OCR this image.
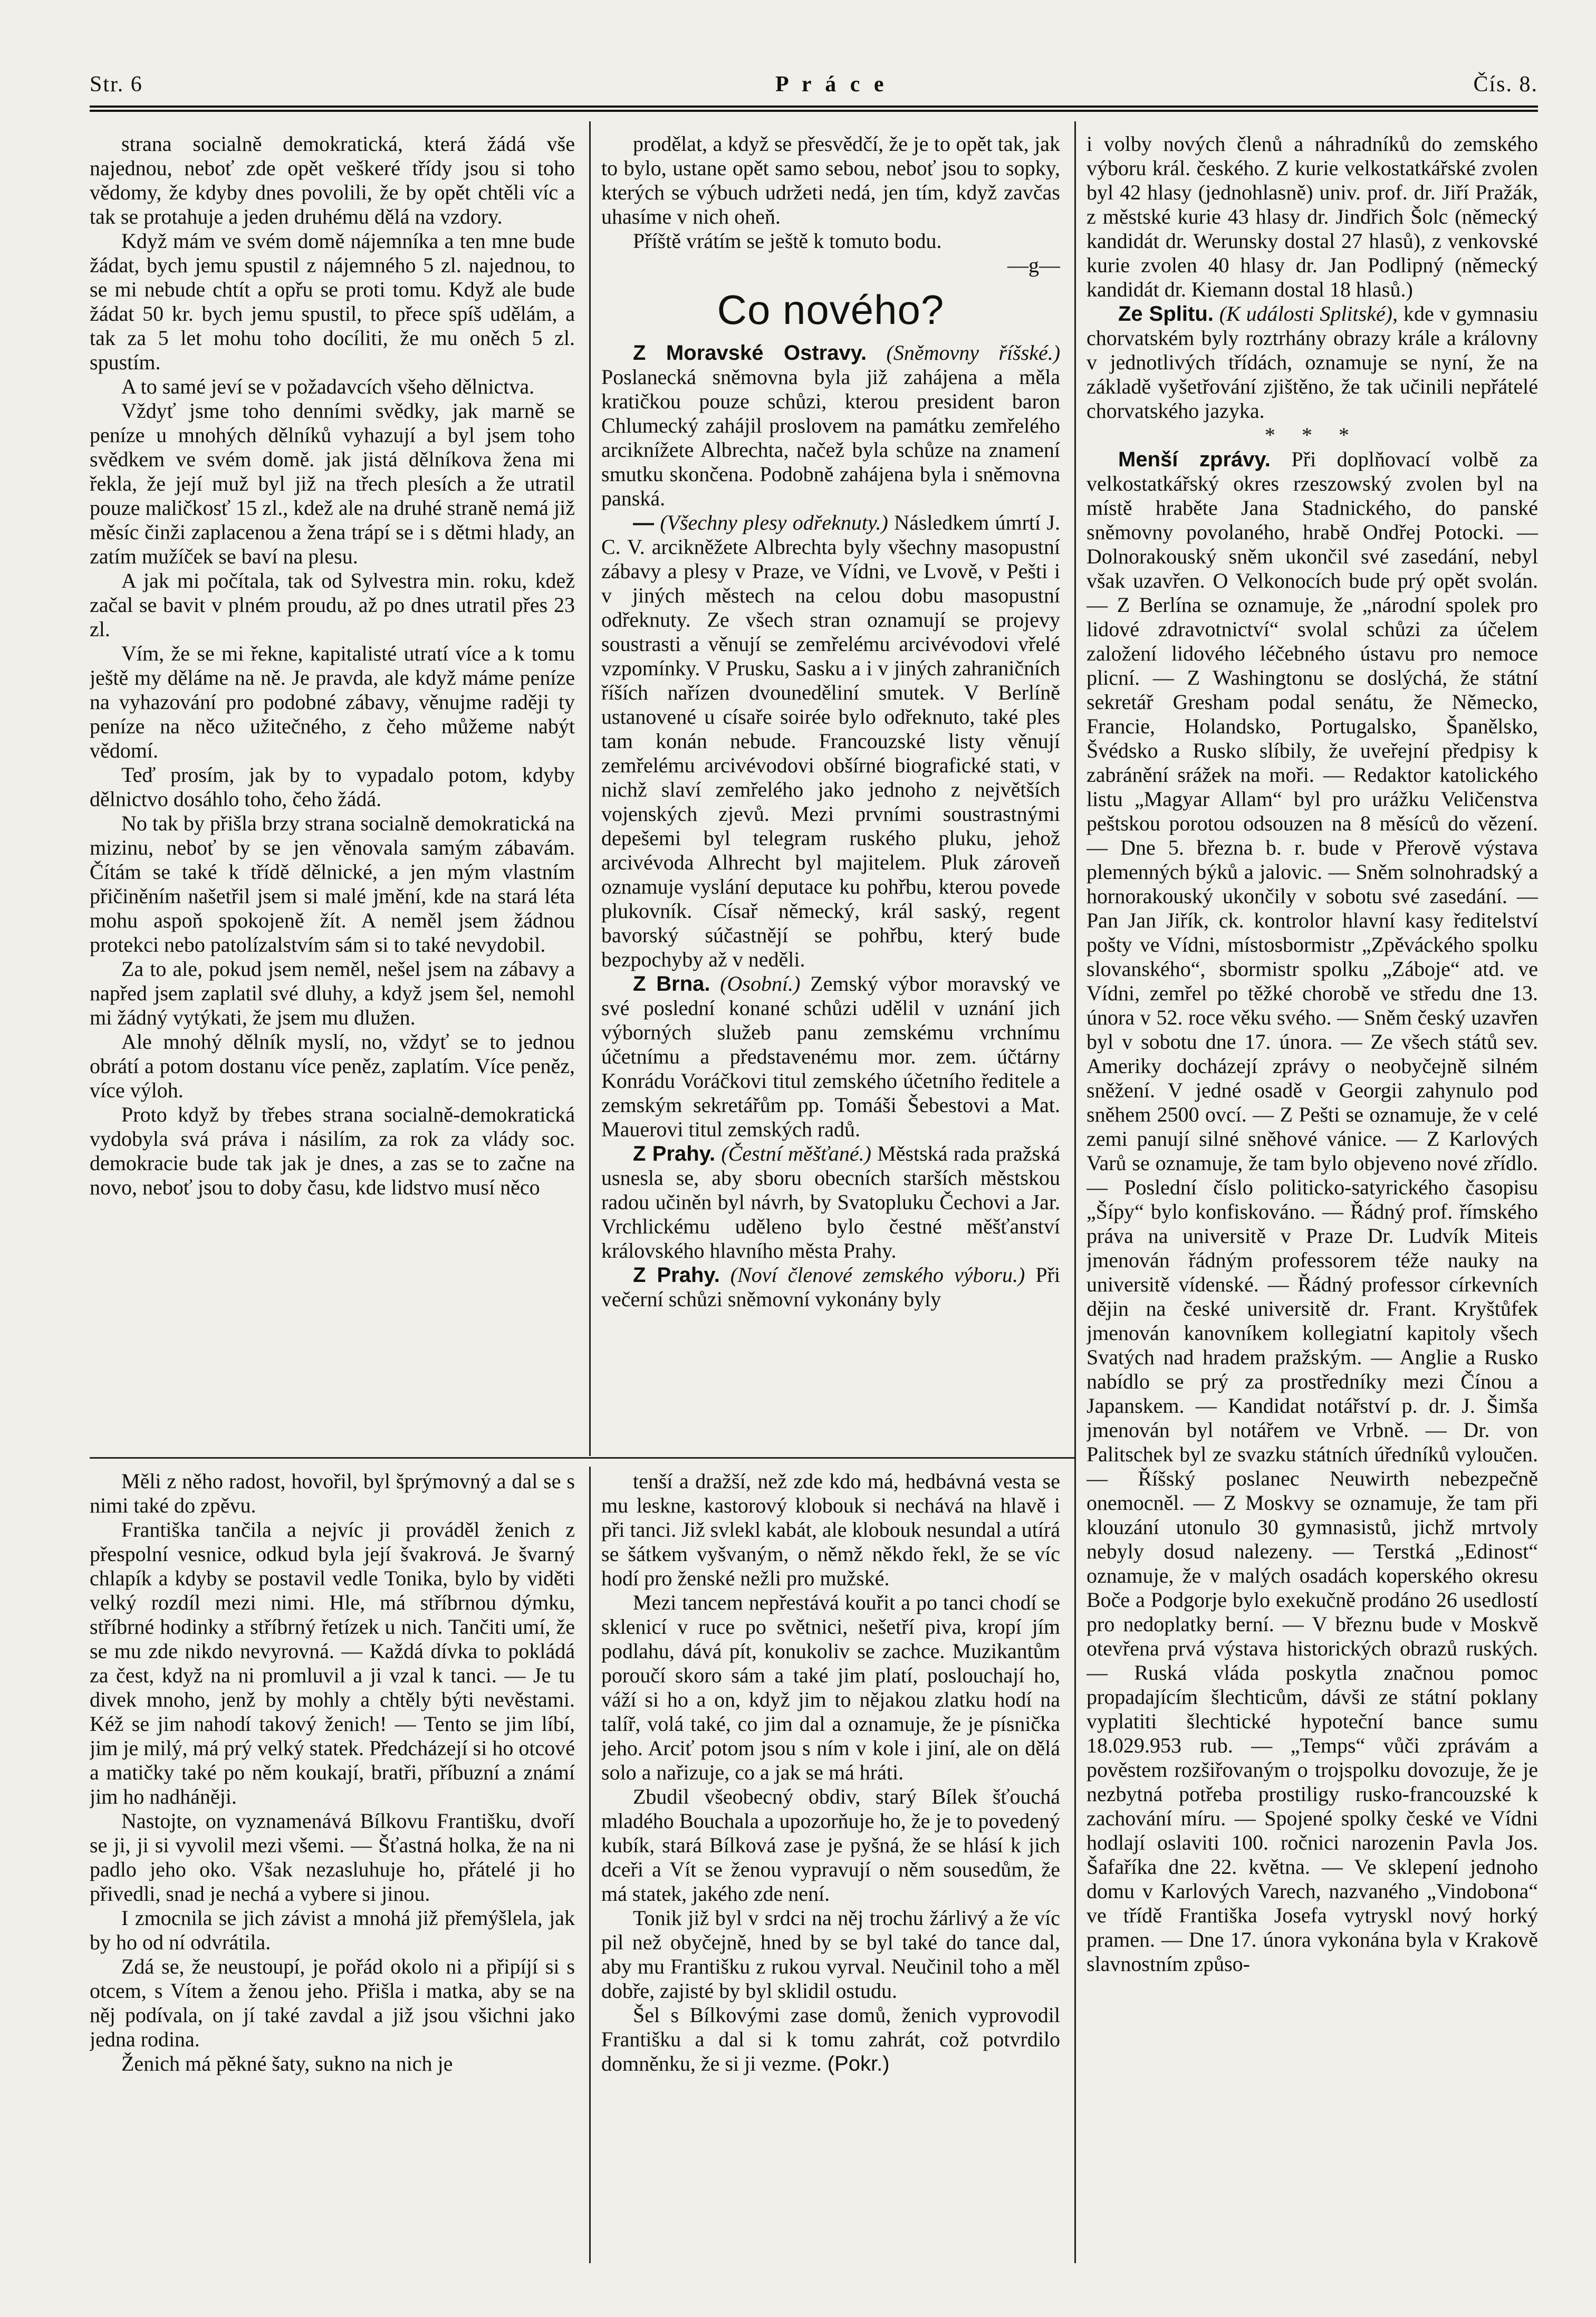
Str. 6	P r á c e	Čís. 8.

strana socialně demokratická, která žádá vše najednou, neboť zde opět veškeré třídy jsou si toho vědomy, že kdyby dnes povolili, že by opět chtěli víc a tak se protahuje a jeden druhému dělá na vzdory.

Když mám ve svém domě nájemníka a ten mne bude žádat, bych jemu spustil z nájemného 5 zl. najednou, to se mi nebude chtít a opřu se proti tomu. Když ale bude žádat 50 kr. bych jemu spustil, to přece spíš udělám, a tak za 5 let mohu toho docíliti, že mu oněch 5 zl. spustím.

A to samé jeví se v požadavcích všeho dělnictva.

Vždyť jsme toho denními svědky, jak marně se peníze u mnohých dělníků vyhazují a byl jsem toho svědkem ve svém domě. jak jistá dělníkova žena mi řekla, že její muž byl již na třech plesích a že utratil pouze maličkosť 15 zl., kdež ale na druhé straně nemá již měsíc činži zaplacenou a žena trápí se i s dětmi hlady, an zatím mužíček se baví na plesu.

A jak mi počítala, tak od Sylvestra min. roku, kdež začal se bavit v plném proudu, až po dnes utratil přes 23 zl.

Vím, že se mi řekne, kapitalisté utratí více a k tomu ještě my děláme na ně. Je pravda, ale když máme peníze na vyhazování pro podobné zábavy, věnujme raději ty peníze na něco užitečného, z čeho můžeme nabýt vědomí.

Teď prosím, jak by to vypadalo potom, kdyby dělnictvo dosáhlo toho, čeho žádá.

No tak by přišla brzy strana socialně demokratická na mizinu, neboť by se jen věnovala samým zábavám. Čítám se také k třídě dělnické, a jen mým vlastním přičiněním našetřil jsem si malé jmění, kde na stará léta mohu aspoň spokojeně žít. A neměl jsem žádnou protekci nebo patolízalstvím sám si to také nevydobil.

Za to ale, pokud jsem neměl, nešel jsem na zábavy a napřed jsem zaplatil své dluhy, a když jsem šel, nemohl mi žádný vytýkati, že jsem mu dlužen.

Ale mnohý dělník myslí, no, vždyť se to jednou obrátí a potom dostanu více peněz, zaplatím. Více peněz, více výloh.

Proto když by třebes strana socialně-demokratická vydobyla svá práva i násilím, za rok za vlády soc. demokracie bude tak jak je dnes, a zas se to začne na novo, neboť jsou to doby času, kde lidstvo musí něco

prodělat, a když se přesvědčí, že je to opět tak, jak to bylo, ustane opět samo sebou, neboť jsou to sopky, kterých se výbuch udržeti nedá, jen tím, když zavčas uhasíme v nich oheň.

Příště vrátím se ještě k tomuto bodu.

—g—

Co nového?

Z Moravské Ostravy. (Sněmovny říšské.) Poslanecká sněmovna byla již zahájena a měla kratičkou pouze schůzi, kterou president baron Chlumecký zahájil proslovem na památku zemřelého arciknížete Albrechta, načež byla schůze na znamení smutku skončena. Podobně zahájena byla i sněmovna panská.

— (Všechny plesy odřeknuty.) Následkem úmrtí J. C. V. arcikněžete Albrechta byly všechny masopustní zábavy a plesy v Praze, ve Vídni, ve Lvově, v Pešti i v jiných městech na celou dobu masopustní odřeknuty. Ze všech stran oznamují se projevy soustrasti a věnují se zemřelému arcivévodovi vřelé vzpomínky. V Prusku, Sasku a i v jiných zahraničních říších nařízen dvouneděliní smutek. V Berlíně ustanovené u císaře soirée bylo odřeknuto, také ples tam konán nebude. Francouzské listy věnují zemřelému arcivévodovi obšírné biografické stati, v nichž slaví zemřelého jako jednoho z největších vojenských zjevů. Mezi prvními soustrastnými depešemi byl telegram ruského pluku, jehož arcivévoda Alhrecht byl majitelem. Pluk zároveň oznamuje vyslání deputace ku pohřbu, kterou povede plukovník. Císař německý, král saský, regent bavorský súčastnějí se pohřbu, který bude bezpochyby až v neděli.

Z Brna. (Osobní.) Zemský výbor moravský ve své poslední konané schůzi udělil v uznání jich výborných služeb panu zemskému vrchnímu účetnímu a představenému mor. zem. účtárny Konrádu Voráčkovi titul zemského účetního ředitele a zemským sekretářům pp. Tomáši Šebestovi a Mat. Mauerovi titul zemských radů.

Z Prahy. (Čestní měšťané.) Městská rada pražská usnesla se, aby sboru obecních starších městskou radou učiněn byl návrh, by Svatopluku Čechovi a Jar. Vrchlickému uděleno bylo čestné měšťanství královského hlavního města Prahy.

Z Prahy. (Noví členové zemského výboru.) Při večerní schůzi sněmovní vykonány byly

i volby nových členů a náhradníků do zemského výboru král. českého. Z kurie velkostatkářské zvolen byl 42 hlasy (jednohlasně) univ. prof. dr. Jiří Pražák, z městské kurie 43 hlasy dr. Jindřich Šolc (německý kandidát dr. Werunsky dostal 27 hlasů), z venkovské kurie zvolen 40 hlasy dr. Jan Podlipný (německý kandidát dr. Kiemann dostal 18 hlasů.)

Ze Splitu. (K události Splitské), kde v gymnasiu chorvatském byly roztrhány obrazy krále a královny v jednotlivých třídách, oznamuje se nyní, že na základě vyšetřování zjištěno, že tak učinili nepřátelé chorvatského jazyka.

* * *

Menší zprávy. Při doplňovací volbě za velkostatkářský okres rzeszowský zvolen byl na místě hraběte Jana Stadnického, do panské sněmovny povolaného, hrabě Ondřej Potocki. — Dolnorakouský sněm ukončil své zasedání, nebyl však uzavřen. O Velkonocích bude prý opět svolán. — Z Berlína se oznamuje, že „národní spolek pro lidové zdravotnictví“ svolal schůzi za účelem založení lidového léčebného ústavu pro nemoce plicní. — Z Washingtonu se dosl‍ýchá, že státní sekretář Gresham podal senátu, že Německo, Francie, Holandsko, Portugalsko, Španělsko, Švédsko a Rusko slíbily, že uveřejní předpisy k zabránění srážek na moři. — Redaktor katolického listu „Magyar Allam“ byl pro urážku Veličenstva peštskou porotou odsouzen na 8 měsíců do vězení. — Dne 5. března b. r. bude v Přerově výstava plemenných býků a jalovic. — Sněm solnohradský a hornorakouský ukončily v sobotu své zasedání. — Pan Jan Jiřík, ck. kontrolor hlavní kasy ředitelství pošty ve Vídni, místosbormistr „Zpěváckého spolku slovanského“, sbormistr spolku „Záboje“ atd. ve Vídni, zemřel po těžké chorobě ve středu dne 13. února v 52. roce věku svého. — Sněm český uzavřen byl v sobotu dne 17. února. — Ze všech států sev. Ameriky docházejí zprávy o neobyčejně silném sněžení. V jedné osadě v Georgii zahynulo pod sněhem 2500 ovcí. — Z Pešti se oznamuje, že v celé zemi panují silné sněhové vánice. — Z Karlových Varů se oznamuje, že tam bylo objeveno nové zřídlo. — Poslední číslo politicko-satyrického časopisu „Šípy“ bylo konfiskováno. — Řádný prof. římského práva na universitě v Praze Dr. Ludvík Miteis jmenován řádným professorem téže nauky na universitě vídenské. — Řádný professor církevních dějin na české universitě dr. Frant. Kryštůfek jmenován kanovníkem kollegiatní kapitoly všech Svatých nad hradem pražským. — Anglie a Rusko nabídlo se prý za prostředníky mezi Čínou a Japanskem. — Kandidat notářství p. dr. J. Šimša jmenován byl notářem ve Vrbně. — Dr. von Palitschek byl ze svazku státních úředníků vyloučen. — Říšský poslanec Neuwirth nebezpečně onemocněl. — Z Moskvy se oznamuje, že tam při klouzání utonulo 30 gymnasistů, jichž mrtvoly nebyly dosud nalezeny. — Terstká „Edinost“ oznamuje, že v malých osadách koperského okresu Boče a Podgorje bylo exekučně prodáno 26 usedlostí pro nedoplatky berní. — V březnu bude v Moskvě otevřena prvá výstava historických obrazů ruských. — Ruská vláda poskytla značnou pomoc propadajícím šlechticům, dávši ze státní poklany vyplatiti šlechtické hypoteční bance sumu 18.029.953 rub. — „Temps“ vůči zprávám a pověstem rozšiřovaným o trojspolku dovozuje, že je nezbytná potřeba prostiligy rusko-francouzské k zachování míru. — Spojené spolky české ve Vídni hodlají oslaviti 100. ročnici narozenin Pavla Jos. Šafaříka dne 22. května. — Ve sklepení jednoho domu v Karlových Varech, nazvaného „Vindobona“ ve třídě Františka Josefa vytryskl nový horký pramen. — Dne 17. února vykonána byla v Krakově slavnostním způso-

Měli z něho radost, hovořil, byl šprýmovný a dal se s nimi také do zpěvu.

Františka tančila a nejvíc ji prováděl ženich z přespolní vesnice, odkud byla její švakrová. Je švarný chlapík a kdyby se postavil vedle Tonika, bylo by viděti velký rozdíl mezi nimi. Hle, má stříbrnou dýmku, stříbrné hodinky a stříbrný řetízek u nich. Tančiti umí, že se mu zde nikdo nevyrovná. — Každá dívka to pokládá za čest, když na ni promluvil a ji vzal k tanci. — Je tu divek mnoho, jenž by mohly a chtěly býti nevěstami. Kéž se jim nahodí takový ženich! — Tento se jim líbí, jim je milý, má prý velký statek. Předcházejí si ho otcové a matičky také po něm koukají, bratři, příbuzní a známí jim ho nadháněji.

Nastojte, on vyznamenává Bílkovu Františku, dvoří se ji, ji si vyvolil mezi všemi. — Šťastná holka, že na ni padlo jeho oko. Však nezasluhuje ho, přátelé ji ho přivedli, snad je nechá a vybere si jinou.

I zmocnila se jich závist a mnohá již přemýšlela, jak by ho od ní odvrátila.

Zdá se, že neustoupí, je pořád okolo ni a připíjí si s otcem, s Vítem a ženou jeho. Přišla i matka, aby se na něj podívala, on jí také zavdal a již jsou všichni jako jedna rodina.

Ženich má pěkné šaty, sukno na nich je

tenší a dražší, než zde kdo má, hedbávná vesta se mu leskne, kastorový klobouk si nechává na hlavě i při tanci. Již svlekl kabát, ale klobouk nesundal a utírá se šátkem vyšvaným, o němž někdo řekl, že se víc hodí pro ženské nežli pro mužské.

Mezi tancem nepřestává kouřit a po tanci chodí se sklenicí v ruce po světnici, nešetří piva, kropí jím podlahu, dává pít, konukoliv se zachce. Muzikantům poroučí skoro sám a také jim platí, poslouchají ho, váží si ho a on, když jim to nějakou zlatku hodí na talíř, volá také, co jim dal a oznamuje, že je písnička jeho. Arciť potom jsou s ním v kole i jiní, ale on dělá solo a nařizuje, co a jak se má hráti.

Zbudil všeobecný obdiv, starý Bílek šťouchá mladého Bouchala a upozorňuje ho, že je to povedený kubík, stará Bílková zase je pyšná, že se hlásí k jich dceři a Vít se ženou vypravují o něm sousedům, že má statek, jakého zde není.

Tonik již byl v srdci na něj trochu žárlivý a že víc pil než obyčejně, hned by se byl také do tance dal, aby mu Františku z rukou vyrval. Neučinil toho a měl dobře, zajisté by byl sklidil ostudu.

Šel s Bílkovými zase domů, ženich vyprovodil Františku a dal si k tomu zahrát, což potvrdilo domněnku, že si ji vezme. (Pokr.)
